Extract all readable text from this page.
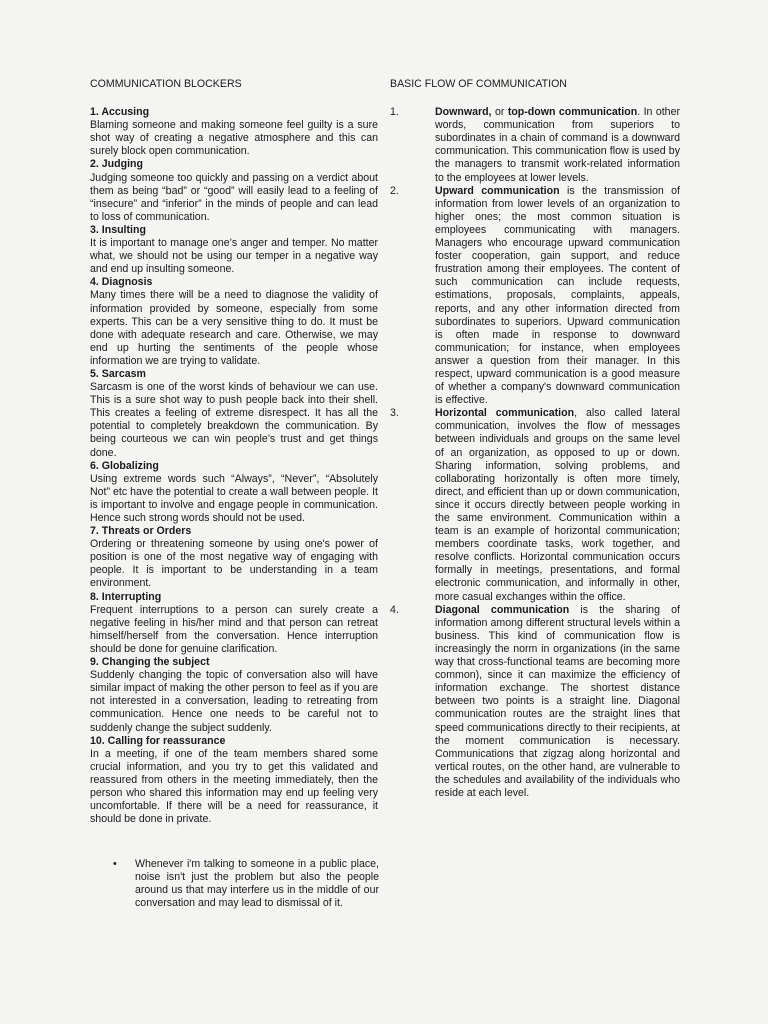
COMMUNICATION BLOCKERS
1. Accusing

Blaming someone and making someone feel guilty is a sure shot way of creating a negative atmosphere and this can surely block open communication.

2. Judging

Judging someone too quickly and passing on a verdict about them as being “bad” or “good” will easily lead to a feeling of “insecure” and “inferior” in the minds of people and can lead to loss of communication.

3. Insulting

It is important to manage one’s anger and temper. No matter what, we should not be using our temper in a negative way and end up insulting someone.

4. Diagnosis

Many times there will be a need to diagnose the validity of information provided by someone, especially from some experts. This can be a very sensitive thing to do. It must be done with adequate research and care. Otherwise, we may end up hurting the sentiments of the people whose information we are trying to validate.

5. Sarcasm

Sarcasm is one of the worst kinds of behaviour we can use. This is a sure shot way to push people back into their shell. This creates a feeling of extreme disrespect. It has all the potential to completely breakdown the communication. By being courteous we can win people’s trust and get things done.

6. Globalizing

Using extreme words such “Always”, “Never”, “Absolutely Not” etc have the potential to create a wall between people. It is important to involve and engage people in communication. Hence such strong words should not be used.

7. Threats or Orders

Ordering or threatening someone by using one's power of position is one of the most negative way of engaging with people. It is important to be understanding in a team environment.

8. Interrupting

Frequent interruptions to a person can surely create a negative feeling in his/her mind and that person can retreat himself/herself from the conversation. Hence interruption should be done for genuine clarification.

9. Changing the subject

Suddenly changing the topic of conversation also will have similar impact of making the other person to feel as if you are not interested in a conversation, leading to retreating from communication. Hence one needs to be careful not to suddenly change the subject suddenly.

10. Calling for reassurance

In a meeting, if one of the team members shared some crucial information, and you try to get this validated and reassured from others in the meeting immediately, then the person who shared this information may end up feeling very uncomfortable. If there will be a need for reassurance, it should be done in private.

•	Whenever i'm talking to someone in a public place, noise isn't just the problem but also the people around us that may interfere us in the middle of our conversation and may lead to dismissal of it.
BASIC FLOW OF COMMUNICATION
1.	Downward, or top-down communication. In other words, communication from superiors to subordinates in a chain of command is a downward communication. This communication flow is used by the managers to transmit work-related information to the employees at lower levels.
2.	Upward communication is the transmission of information from lower levels of an organization to higher ones; the most common situation is employees communicating with managers. Managers who encourage upward communication foster cooperation, gain support, and reduce frustration among their employees. The content of such communication can include requests, estimations, proposals, complaints, appeals, reports, and any other information directed from subordinates to superiors. Upward communication is often made in response to downward communication; for instance, when employees answer a question from their manager. In this respect, upward communication is a good measure of whether a company's downward communication is effective.
3.	Horizontal communication, also called lateral communication, involves the flow of messages between individuals and groups on the same level of an organization, as opposed to up or down. Sharing information, solving problems, and collaborating horizontally is often more timely, direct, and efficient than up or down communication, since it occurs directly between people working in the same environment. Communication within a team is an example of horizontal communication; members coordinate tasks, work together, and resolve conflicts. Horizontal communication occurs formally in meetings, presentations, and formal electronic communication, and informally in other, more casual exchanges within the office.
4.	Diagonal communication is the sharing of information among different structural levels within a business. This kind of communication flow is increasingly the norm in organizations (in the same way that cross-functional teams are becoming more common), since it can maximize the efficiency of information exchange. The shortest distance between two points is a straight line. Diagonal communication routes are the straight lines that speed communications directly to their recipients, at the moment communication is necessary. Communications that zigzag along horizontal and vertical routes, on the other hand, are vulnerable to the schedules and availability of the individuals who reside at each level.
